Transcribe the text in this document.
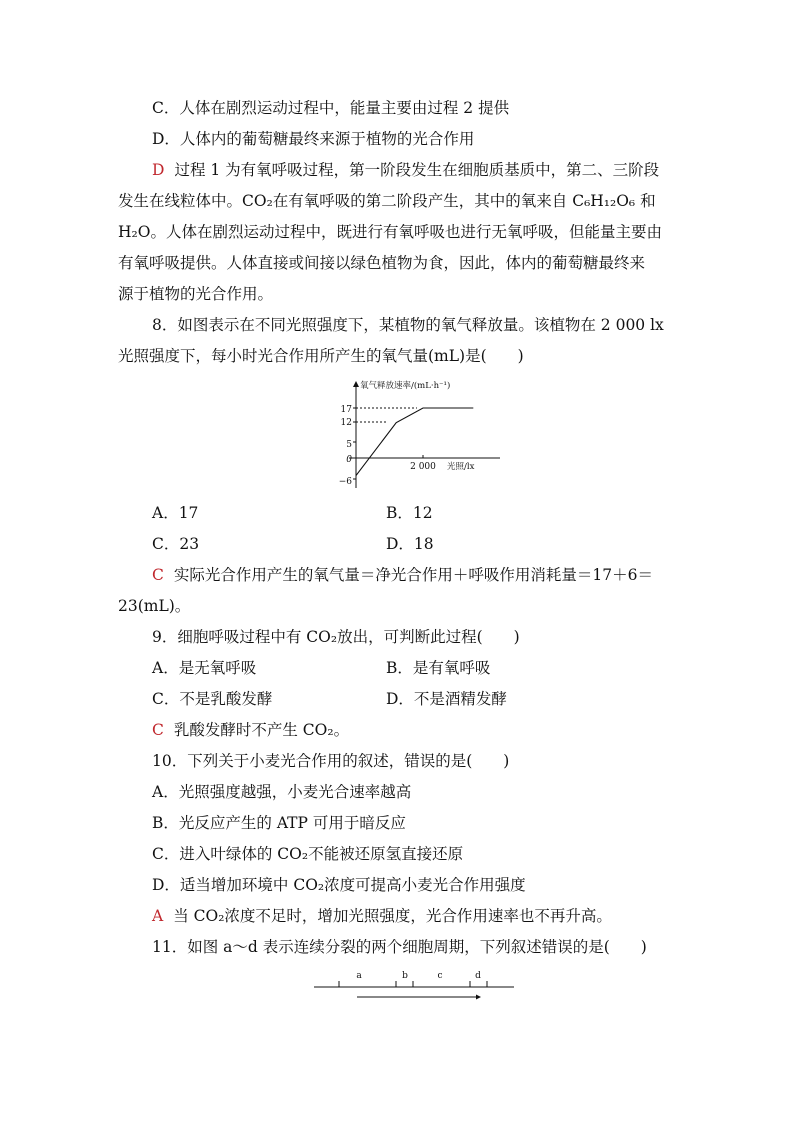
C．人体在剧烈运动过程中，能量主要由过程 2 提供
D．人体内的葡萄糖最终来源于植物的光合作用
D 过程 1 为有氧呼吸过程，第一阶段发生在细胞质基质中，第二、三阶段
发生在线粒体中。CO₂在有氧呼吸的第二阶段产生，其中的氧来自 C₆H₁₂O₆ 和
H₂O。人体在剧烈运动过程中，既进行有氧呼吸也进行无氧呼吸，但能量主要由
有氧呼吸提供。人体直接或间接以绿色植物为食，因此，体内的葡萄糖最终来
源于植物的光合作用。
8．如图表示在不同光照强度下，某植物的氧气释放量。该植物在 2 000 lx
光照强度下，每小时光合作用所产生的氧气量(mL)是(　　)
氧气释放速率/(mL·h⁻¹)
光照/lx
17
12
5
0
−6
2 000
A．17	B．12
C．23	D．18
C 实际光合作用产生的氧气量＝净光合作用＋呼吸作用消耗量＝17＋6＝
23(mL)。
9．细胞呼吸过程中有 CO₂放出，可判断此过程(　　)
A．是无氧呼吸	B．是有氧呼吸
C．不是乳酸发酵	D．不是酒精发酵
C 乳酸发酵时不产生 CO₂。
10．下列关于小麦光合作用的叙述，错误的是(　　)
A．光照强度越强，小麦光合速率越高
B．光反应产生的 ATP 可用于暗反应
C．进入叶绿体的 CO₂不能被还原氢直接还原
D．适当增加环境中 CO₂浓度可提高小麦光合作用强度
A 当 CO₂浓度不足时，增加光照强度，光合作用速率也不再升高。
11．如图 a～d 表示连续分裂的两个细胞周期，下列叙述错误的是(　　)
a	b	c	d
